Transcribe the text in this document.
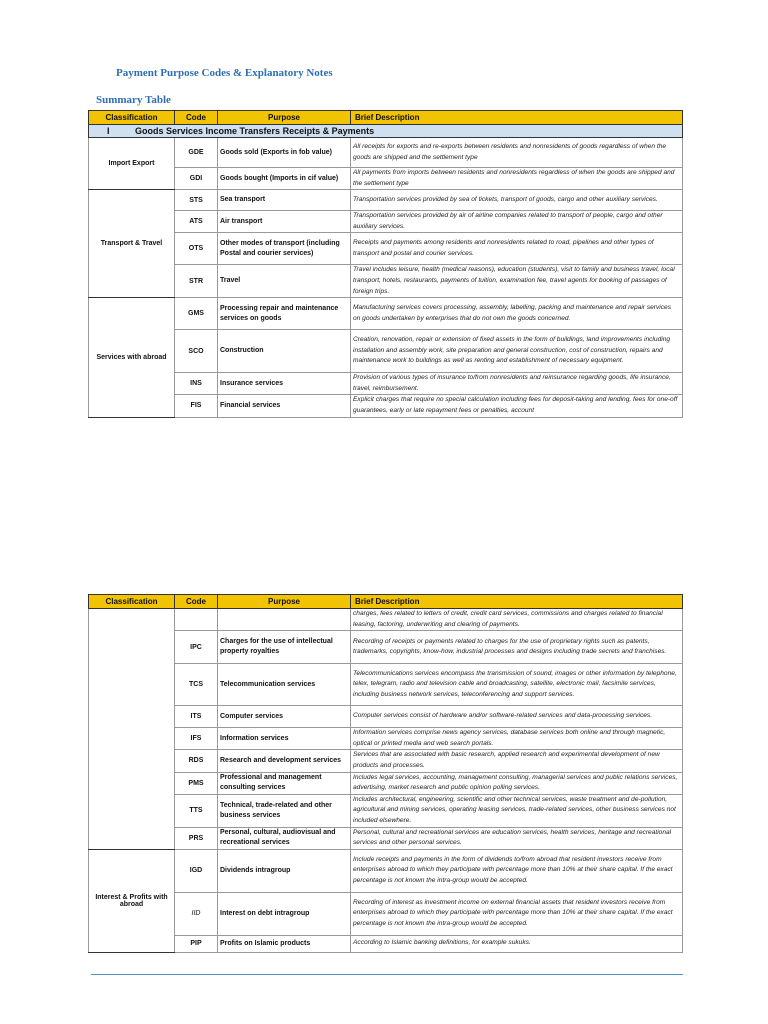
Payment Purpose Codes & Explanatory Notes
Summary Table
Classification	Code	Purpose	Brief Description
I Goods Services Income Transfers Receipts & Payments			
Import Export	GDE	Goods sold (Exports in fob value)	All receipts for exports and re-exports between residents and nonresidents of goods regardless of when the goods are shipped and the settlement type
	GDI	Goods bought (Imports in cif value)	All payments from imports between residents and nonresidents regardless of when the goods are shipped and the settlement type
Transport & Travel	STS	Sea transport	Transportation services provided by sea of tickets, transport of goods, cargo and other auxiliary services.
	ATS	Air transport	Transportation services provided by air of airline companies related to transport of people, cargo and other auxiliary services.
	OTS	Other modes of transport (including Postal and courier services)	Receipts and payments among residents and nonresidents related to road, pipelines and other types of transport and postal and courier services.
	STR	Travel	Travel includes leisure, health (medical reasons), education (students), visit to family and business travel, local transport, hotels, restaurants, payments of tuition, examination fee, travel agents for booking of passages of foreign trips.
Services with abroad	GMS	Processing repair and maintenance services on goods	Manufacturing services covers processing, assembly, labelling, packing and maintenance and repair services on goods undertaken by enterprises that do not own the goods concerned.
	SCO	Construction	Creation, renovation, repair or extension of fixed assets in the form of buildings, land improvements including installation and assembly work, site preparation and general construction, cost of construction, repairs and maintenance work to buildings as well as renting and establishment of necessary equipment.
	INS	Insurance services	Provision of various types of insurance to/from nonresidents and reinsurance regarding goods, life insurance, travel, reimbursement.
	FIS	Financial services	Explicit charges that require no special calculation including fees for deposit-taking and lending, fees for one-off guarantees, early or late repayment fees or penalties, account
Classification	Code	Purpose	Brief Description
			charges, fees related to letters of credit, credit card services, commissions and charges related to financial leasing, factoring, underwriting and clearing of payments.
	IPC	Charges for the use of intellectual property royalties	Recording of receipts or payments related to charges for the use of proprietary rights such as patents, trademarks, copyrights, know-how, industrial processes and designs including trade secrets and franchises.
	TCS	Telecommunication services	Telecommunications services encompass the transmission of sound, images or other information by telephone, telex, telegram, radio and television cable and broadcasting, satellite, electronic mail, facsimile services, including business network services, teleconferencing and support services.
	ITS	Computer services	Computer services consist of hardware and/or software-related services and data-processing services.
	IFS	Information services	Information services comprise news agency services, database services both online and through magnetic, optical or printed media and web search portals.
	RDS	Research and development services	Services that are associated with basic research, applied research and experimental development of new products and processes.
	PMS	Professional and management consulting services	Includes legal services, accounting, management consulting, managerial services and public relations services, advertising, market research and public opinion polling services.
	TTS	Technical, trade-related and other business services	Includes architectural, engineering, scientific and other technical services, waste treatment and de-pollution, agricultural and mining services, operating leasing services, trade-related services, other business services not included elsewhere.
	PRS	Personal, cultural, audiovisual and recreational services	Personal, cultural and recreational services are education services, health services, heritage and recreational services and other personal services.
Interest & Profits with abroad	IGD	Dividends intragroup	Include receipts and payments in the form of dividends to/from abroad that resident investors receive from enterprises abroad to which they participate with percentage more than 10% at their share capital. If the exact percentage is not known the intra-group would be accepted.
	IID	Interest on debt intragroup	Recording of interest as investment income on external financial assets that resident investors receive from enterprises abroad to which they participate with percentage more than 10% at their share capital. If the exact percentage is not known the intra-group would be accepted.
	PIP	Profits on Islamic products	According to Islamic banking definitions, for example sukuks.
